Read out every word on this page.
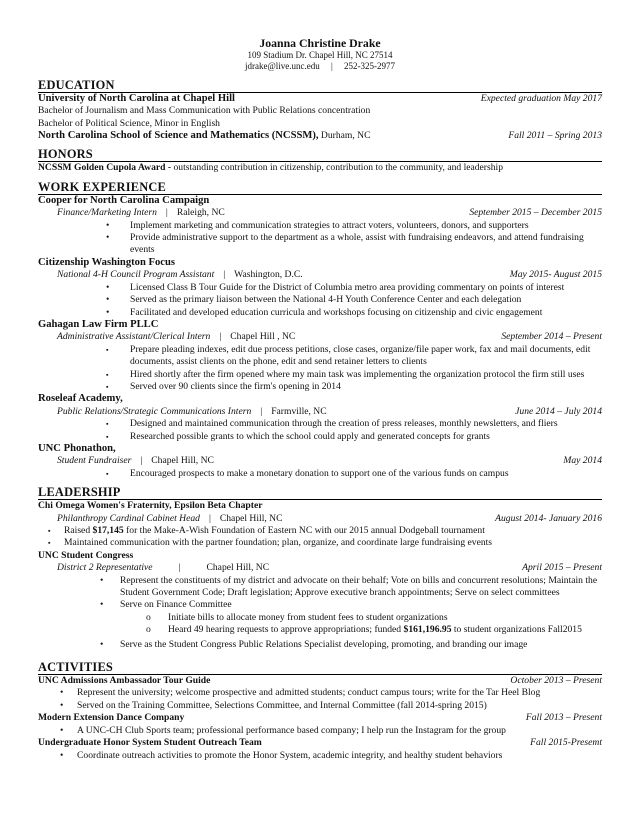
Joanna Christine Drake
109 Stadium Dr. Chapel Hill, NC 27514
jdrake@live.unc.edu | 252-325-2977
EDUCATION
University of North Carolina at Chapel Hill	Expected graduation May 2017
Bachelor of Journalism and Mass Communication with Public Relations concentration
Bachelor of Political Science, Minor in English
North Carolina School of Science and Mathematics (NCSSM), Durham, NC	Fall 2011 – Spring 2013
HONORS
NCSSM Golden Cupola Award - outstanding contribution in citizenship, contribution to the community, and leadership
WORK EXPERIENCE
Cooper for North Carolina Campaign
Finance/Marketing Intern | Raleigh, NC	September 2015 – December 2015
• Implement marketing and communication strategies to attract voters, volunteers, donors, and supporters
• Provide administrative support to the department as a whole, assist with fundraising endeavors, and attend fundraising events
Citizenship Washington Focus
National 4-H Council Program Assistant | Washington, D.C.	May 2015- August 2015
• Licensed Class B Tour Guide for the District of Columbia metro area providing commentary on points of interest
• Served as the primary liaison between the National 4-H Youth Conference Center and each delegation
• Facilitated and developed education curricula and workshops focusing on citizenship and civic engagement
Gahagan Law Firm PLLC
Administrative Assistant/Clerical Intern | Chapel Hill , NC	September 2014 – Present
▪ Prepare pleading indexes, edit due process petitions, close cases, organize/file paper work, fax and mail documents, edit documents, assist clients on the phone, edit and send retainer letters to clients
▪ Hired shortly after the firm opened where my main task was implementing the organization protocol the firm still uses
▪ Served over 90 clients since the firm's opening in 2014
Roseleaf Academy,
Public Relations/Strategic Communications Intern | Farmville, NC	June 2014 – July 2014
▪ Designed and maintained communication through the creation of press releases, monthly newsletters, and fliers
▪ Researched possible grants to which the school could apply and generated concepts for grants
UNC Phonathon,
Student Fundraiser | Chapel Hill, NC	May 2014
▪ Encouraged prospects to make a monetary donation to support one of the various funds on campus
LEADERSHIP
Chi Omega Women's Fraternity, Epsilon Beta Chapter
Philanthropy Cardinal Cabinet Head | Chapel Hill, NC	August 2014- January 2016
▪ Raised $17,145 for the Make-A-Wish Foundation of Eastern NC with our 2015 annual Dodgeball tournament
▪ Maintained communication with the partner foundation; plan, organize, and coordinate large fundraising events
UNC Student Congress
District 2 Representative	|	Chapel Hill, NC	April 2015 – Present
• Represent the constituents of my district and advocate on their behalf; Vote on bills and concurrent resolutions; Maintain the Student Government Code; Draft legislation; Approve executive branch appointments; Serve on select committees
• Serve on Finance Committee
o Initiate bills to allocate money from student fees to student organizations
o Heard 49 hearing requests to approve appropriations; funded $161,196.95 to student organizations Fall2015
• Serve as the Student Congress Public Relations Specialist developing, promoting, and branding our image
ACTIVITIES
UNC Admissions Ambassador Tour Guide	October 2013 – Present
• Represent the university; welcome prospective and admitted students; conduct campus tours; write for the Tar Heel Blog
• Served on the Training Committee, Selections Committee, and Internal Committee (fall 2014-spring 2015)
Modern Extension Dance Company	Fall 2013 – Present
• A UNC-CH Club Sports team; professional performance based company; I help run the Instagram for the group
Undergraduate Honor System Student Outreach Team	Fall 2015-Presemt
• Coordinate outreach activities to promote the Honor System, academic integrity, and healthy student behaviors
